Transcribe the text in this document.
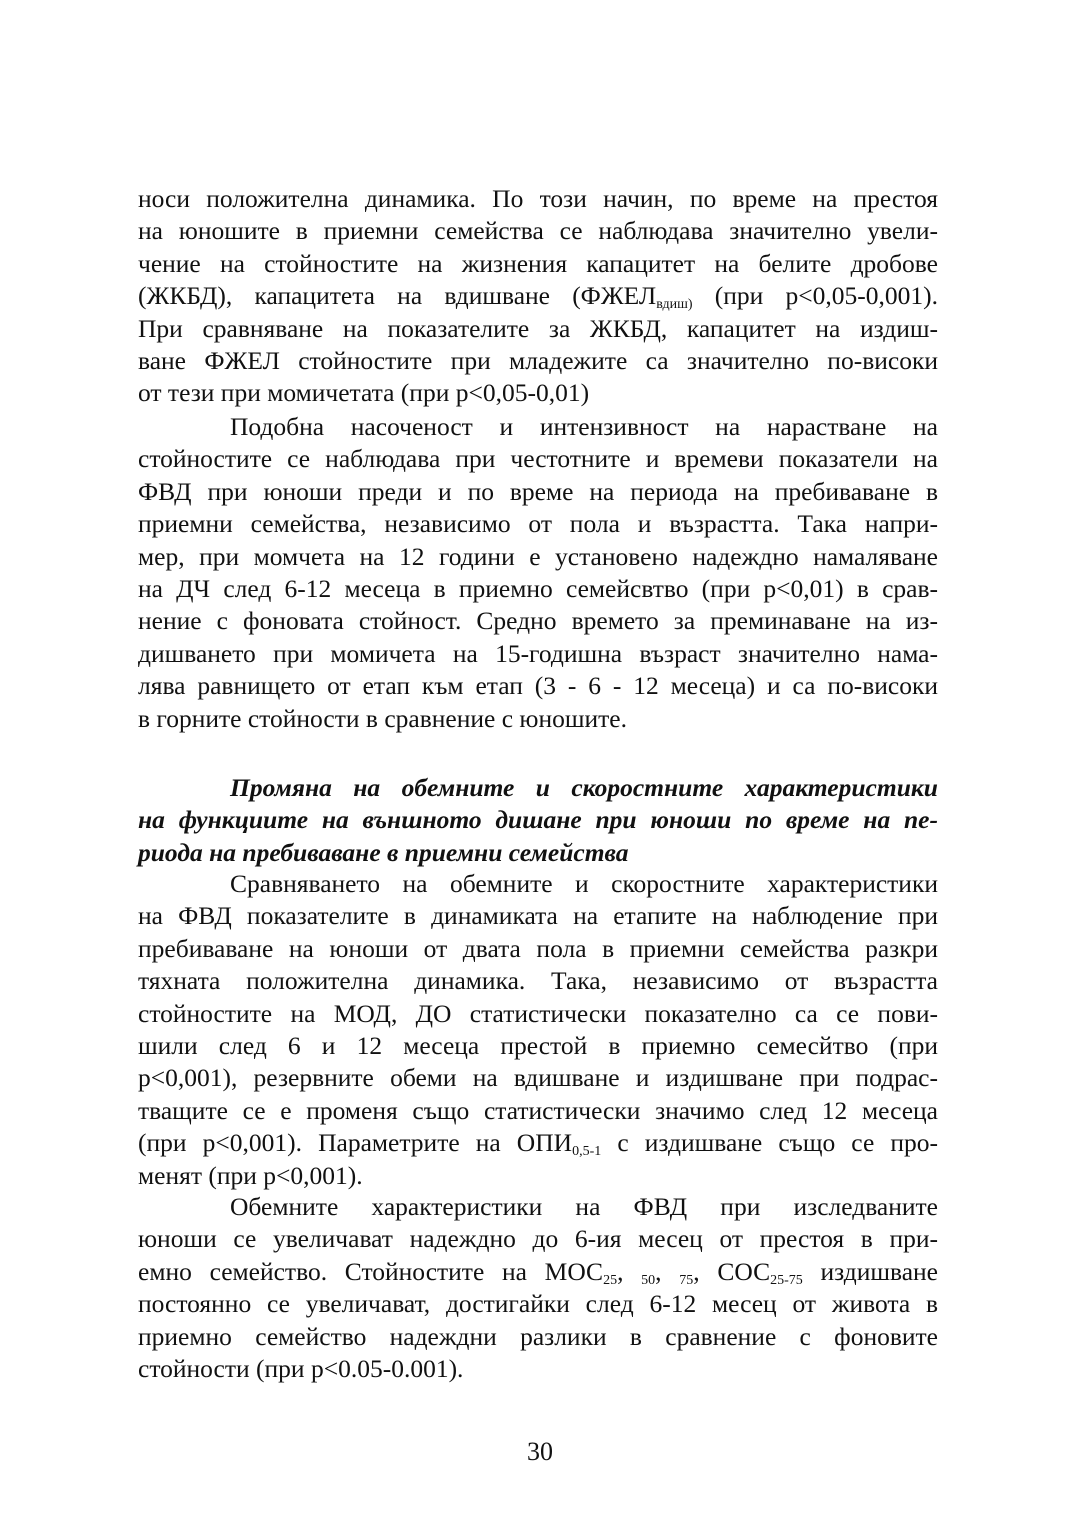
носи положителна динамика. По този начин, по време на престоя
на юношите в приемни семейства се наблюдава значително увели-
чение на стойностите на жизнения капацитет на белите дробове
(ЖКБД), капацитета на вдишване ($ФЖЕЛ_{вдиш)}$ (при p<0,05-0,001).
При сравняване на показателите за ЖКБД, капацитет на издиш-
ване ФЖЕЛ стойностите при младежите са значително по-високи
от тези при момичетата (при p<0,05-0,01)
Подобна насоченост и интензивност на нарастване на
стойностите се наблюдава при честотните и времеви показатели на
ФВД при юноши преди и по време на периода на пребиваване в
приемни семейства, независимо от пола и възрастта. Така напри-
мер, при момчета на 12 години е установено надеждно намаляване
на ДЧ след 6-12 месеца в приемно семейсвтво (при p<0,01) в срав-
нение с фоновата стойност. Средно времето за преминаване на из-
дишването при момичета на 15-годишна възраст значително нама-
лява равнището от етап към етап (3 - 6 - 12 месеца) и са по-високи
в горните стойности в сравнение с юношите.
Промяна на обемните и скоростните характеристики
на функциите на външното дишане при юноши по време на пе-
риода на пребиваване в приемни семейства
Сравняването на обемните и скоростните характеристики
на ФВД показателите в динамиката на етапите на наблюдение при
пребиваване на юноши от двата пола в приемни семейства разкри
тяхната положителна динамика. Така, независимо от възрастта
стойностите на МОД, ДО статистически показателно са се пови-
шили след 6 и 12 месеца престой в приемно семесйтво (при
p<0,001), резервните обеми на вдишване и издишване при подрас-
тващите се е променя също статистически значимо след 12 месеца
(при p<0,001). Параметрите на $ОПИ_{0,5-1}$ с издишване също се про-
менят (при p<0,001).
Обемните характеристики на ФВД при изследваните
юноши се увеличават надеждно до 6-ия месец от престоя в при-
емно семейство. Стойностите на $МОС_{25}$, $_{50}$, $_{75}$, $СОС_{25-75}$ издишване
постоянно се увеличават, достигайки след 6-12 месец от живота в
приемно семейство надеждни разлики в сравнение с фоновите
стойности (при p<0.05-0.001).
30
